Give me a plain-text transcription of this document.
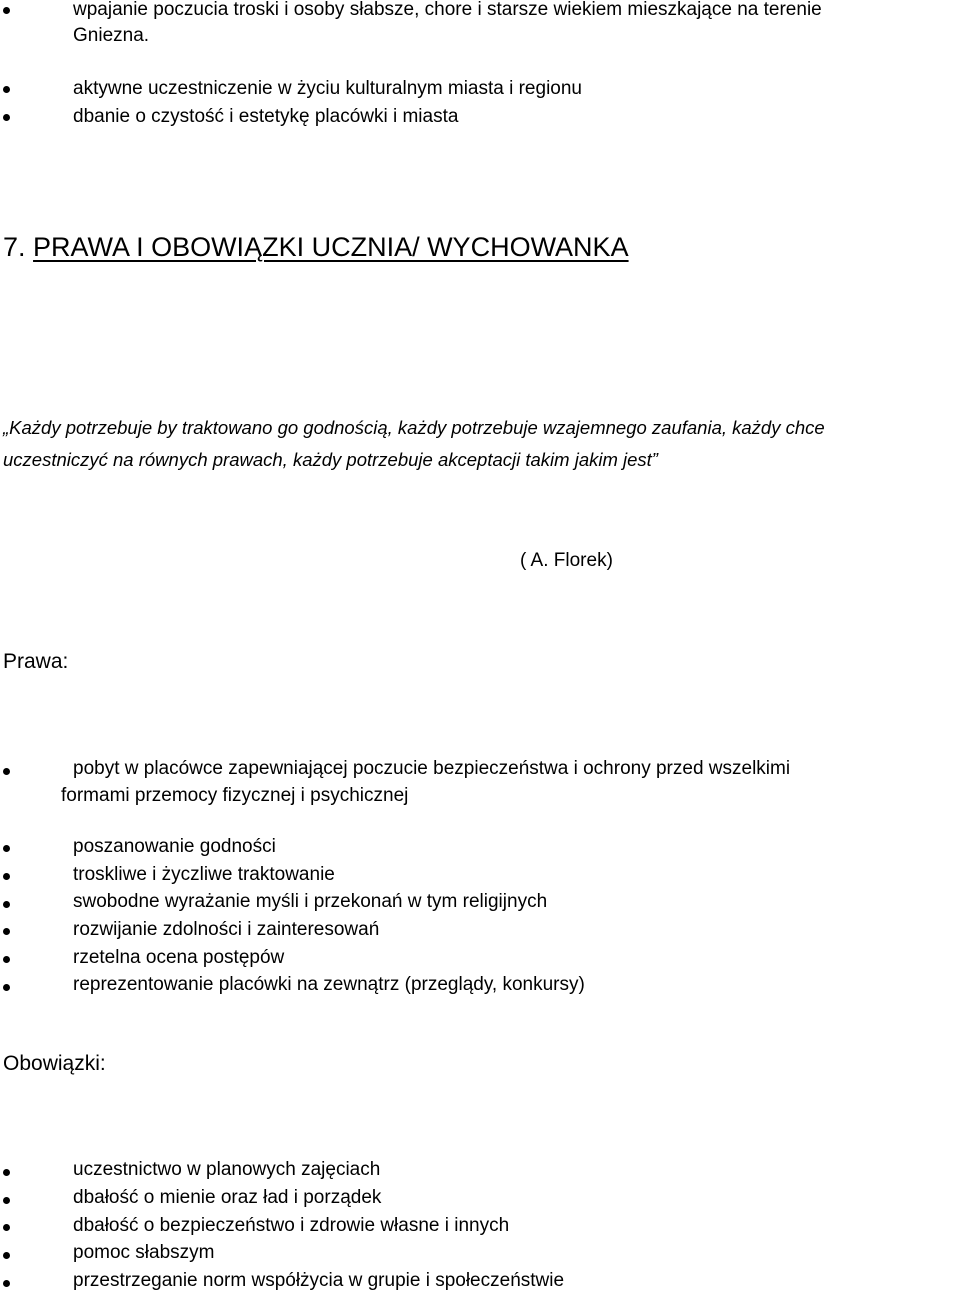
wpajanie poczucia troski i osoby słabsze, chore i starsze wiekiem mieszkające na terenie
Gniezna.
aktywne uczestniczenie w życiu kulturalnym miasta i regionu
dbanie o czystość i estetykę placówki i miasta
7. PRAWA I OBOWIĄZKI UCZNIA/ WYCHOWANKA
„Każdy potrzebuje by traktowano go godnością, każdy potrzebuje wzajemnego zaufania, każdy chce
uczestniczyć na równych prawach, każdy potrzebuje akceptacji takim jakim jest”
( A. Florek)
Prawa:
pobyt w placówce zapewniającej poczucie bezpieczeństwa i ochrony przed wszelkimi
formami przemocy fizycznej i psychicznej
poszanowanie godności
troskliwe i życzliwe traktowanie
swobodne wyrażanie myśli i przekonań w tym religijnych
rozwijanie zdolności i zainteresowań
rzetelna ocena postępów
reprezentowanie placówki na zewnątrz (przeglądy, konkursy)
Obowiązki:
uczestnictwo w planowych zajęciach
dbałość o mienie oraz ład i porządek
dbałość o bezpieczeństwo i zdrowie własne i innych
pomoc słabszym
przestrzeganie norm współżycia w grupie i społeczeństwie
